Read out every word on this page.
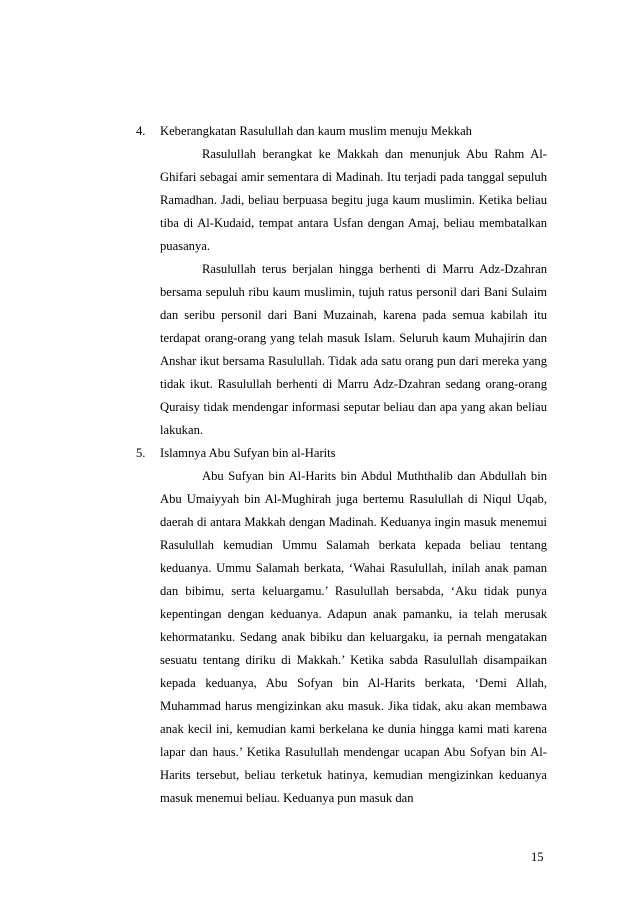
4. Keberangkatan Rasulullah dan kaum muslim menuju Mekkah

Rasulullah berangkat ke Makkah dan menunjuk Abu Rahm Al-Ghifari sebagai amir sementara di Madinah. Itu terjadi pada tanggal sepuluh Ramadhan. Jadi, beliau berpuasa begitu juga kaum muslimin. Ketika beliau tiba di Al-Kudaid, tempat antara Usfan dengan Amaj, beliau membatalkan puasanya.

Rasulullah terus berjalan hingga berhenti di Marru Adz-Dzahran bersama sepuluh ribu kaum muslimin, tujuh ratus personil dari Bani Sulaim dan seribu personil dari Bani Muzainah, karena pada semua kabilah itu terdapat orang-orang yang telah masuk Islam. Seluruh kaum Muhajirin dan Anshar ikut bersama Rasulullah. Tidak ada satu orang pun dari mereka yang tidak ikut. Rasulullah berhenti di Marru Adz-Dzahran sedang orang-orang Quraisy tidak mendengar informasi seputar beliau dan apa yang akan beliau lakukan.

5. Islamnya Abu Sufyan bin al-Harits

Abu Sufyan bin Al-Harits bin Abdul Muththalib dan Abdullah bin Abu Umaiyyah bin Al-Mughirah juga bertemu Rasulullah di Niqul Uqab, daerah di antara Makkah dengan Madinah. Keduanya ingin masuk menemui Rasulullah kemudian Ummu Salamah berkata kepada beliau tentang keduanya. Ummu Salamah berkata, ‘Wahai Rasulullah, inilah anak paman dan bibimu, serta keluargamu.’ Rasulullah bersabda, ‘Aku tidak punya kepentingan dengan keduanya. Adapun anak pamanku, ia telah merusak kehormatanku. Sedang anak bibiku dan keluargaku, ia pernah mengatakan sesuatu tentang diriku di Makkah.’ Ketika sabda Rasulullah disampaikan kepada keduanya, Abu Sofyan bin Al-Harits berkata, ‘Demi Allah, Muhammad harus mengizinkan aku masuk. Jika tidak, aku akan membawa anak kecil ini, kemudian kami berkelana ke dunia hingga kami mati karena lapar dan haus.’ Ketika Rasulullah mendengar ucapan Abu Sofyan bin Al-Harits tersebut, beliau terketuk hatinya, kemudian mengizinkan keduanya masuk menemui beliau. Keduanya pun masuk dan

15
